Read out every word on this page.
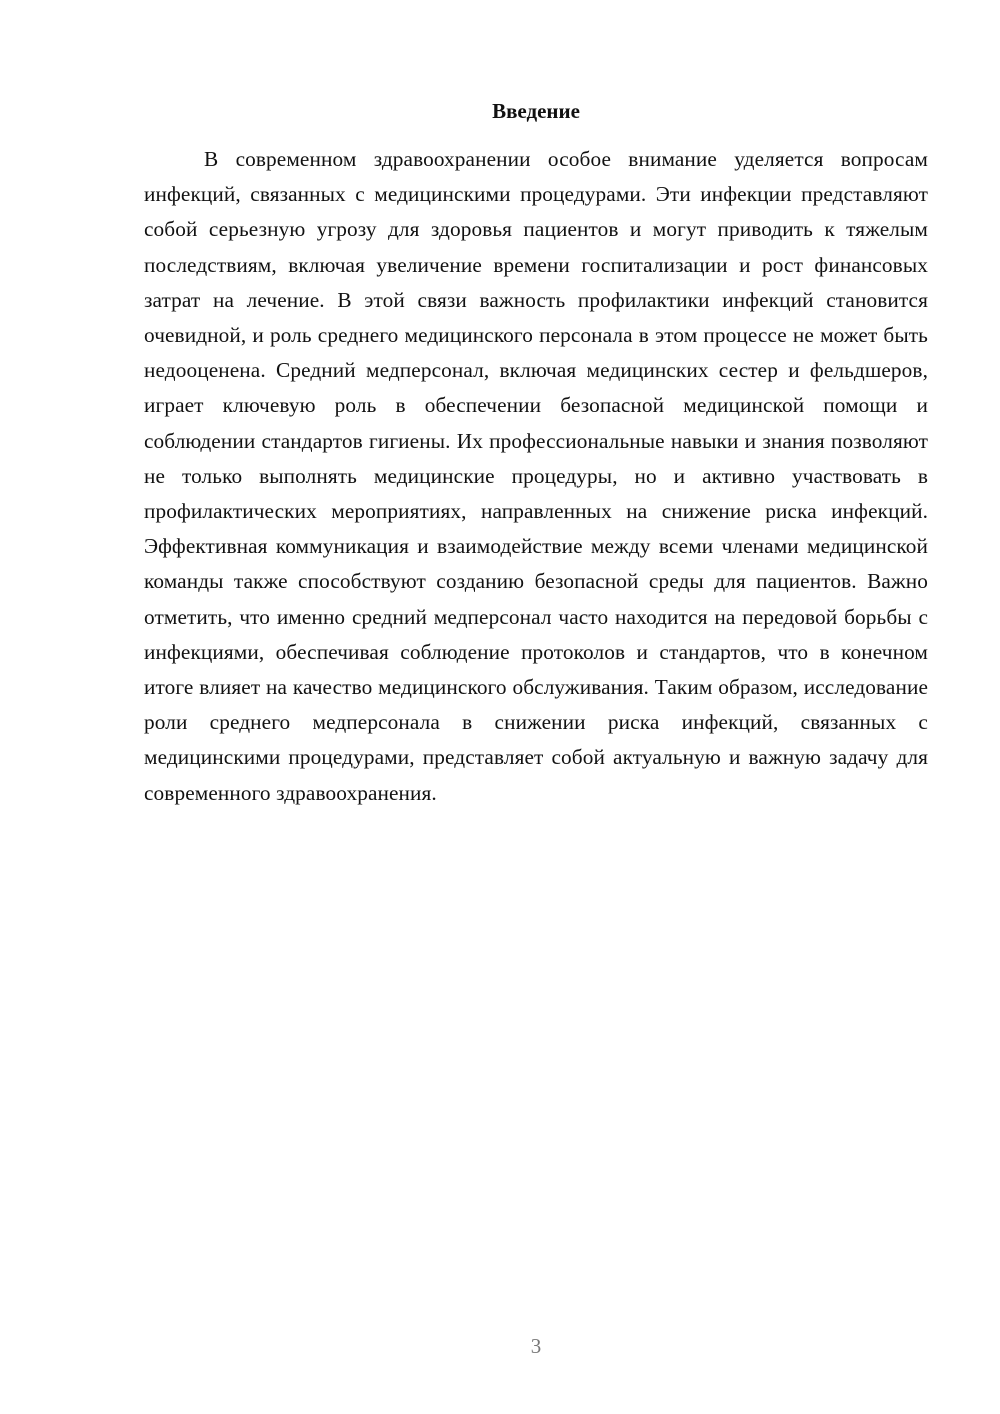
Введение

В современном здравоохранении особое внимание уделяется вопросам инфекций, связанных с медицинскими процедурами. Эти инфекции представляют собой серьезную угрозу для здоровья пациентов и могут приводить к тяжелым последствиям, включая увеличение времени госпитализации и рост финансовых затрат на лечение. В этой связи важность профилактики инфекций становится очевидной, и роль среднего медицинского персонала в этом процессе не может быть недооценена. Средний медперсонал, включая медицинских сестер и фельдшеров, играет ключевую роль в обеспечении безопасной медицинской помощи и соблюдении стандартов гигиены. Их профессиональные навыки и знания позволяют не только выполнять медицинские процедуры, но и активно участвовать в профилактических мероприятиях, направленных на снижение риска инфекций. Эффективная коммуникация и взаимодействие между всеми членами медицинской команды также способствуют созданию безопасной среды для пациентов. Важно отметить, что именно средний медперсонал часто находится на передовой борьбы с инфекциями, обеспечивая соблюдение протоколов и стандартов, что в конечном итоге влияет на качество медицинского обслуживания. Таким образом, исследование роли среднего медперсонала в снижении риска инфекций, связанных с медицинскими процедурами, представляет собой актуальную и важную задачу для современного здравоохранения.

3
